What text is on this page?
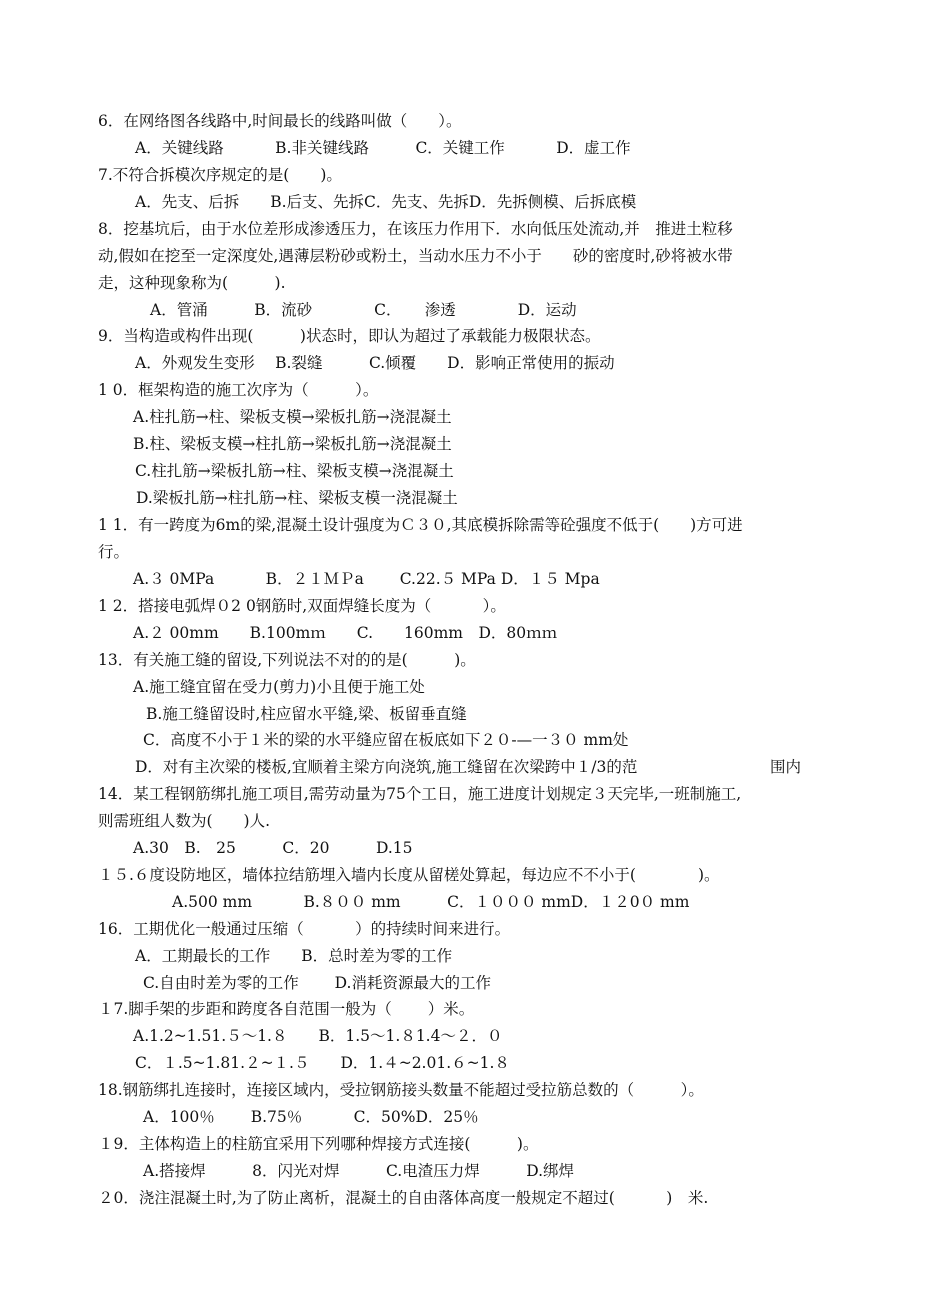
6．在网络图各线路中,时间最长的线路叫做（　　）。
A．关键线路　　　 B.非关键线路　　　C．关键工作　　　 D．虚工作
7.不符合拆模次序规定的是(　　)。
A．先支、后拆　　B.后支、先拆C．先支、先拆D．先拆侧模、后拆底模
8．挖基坑后，由于水位差形成渗透压力，在该压力作用下．水向低压处流动,并　推进土粒移
动,假如在挖至一定深度处,遇薄层粉砂或粉土，当动水压力不小于　　砂的密度时,砂将被水带
走，这种现象称为(　　　).
A．管涌　　　B．流砂　　　　C．　　渗透　　　　D．运动
9．当构造或构件出现(　　　)状态时，即认为超过了承载能力极限状态。
A．外观发生变形　 B.裂缝　　　C.倾覆　　D．影响正常使用的振动
1 0．框架构造的施工次序为（　　　）。
A.柱扎筋→柱、梁板支模→梁板扎筋→浇混凝土
B.柱、梁板支模→柱扎筋→梁板扎筋→浇混凝土
C.柱扎筋→梁板扎筋→柱、梁板支模→浇混凝土
D.梁板扎筋→柱扎筋→柱、梁板支模一浇混凝土
1 1．有一跨度为6m的梁,混凝土设计强度为Ｃ３０,其底模拆除需等砼强度不低于(　　)方可进
行。
A.３ 0MPa　　　 B．２１ＭＰa　　 C.22.５ MPa D．１５ Mpa
1 2．搭接电弧焊０2 0钢筋时,双面焊缝长度为（　　　 ）。
A.２ 00mm　　B.100mｍ　　C.　　160mm　D．80ｍｍ
13．有关施工缝的留设,下列说法不对的的是(　　　)。
A.施工缝宜留在受力(剪力)小且便于施工处
B.施工缝留设时,柱应留水平缝,梁、板留垂直缝
C．高度不小于１米的梁的水平缝应留在板底如下２０-—一３０ mm处
D．对有主次梁的楼板,宜顺着主梁方向浇筑,施工缝留在次梁跨中１/3的范	围内
14．某工程钢筋绑扎施工项目,需劳动量为75个工日，施工进度计划规定３天完毕,一班制施工,
则需班组人数为(　　)人.
A.30　B.　25　　　C．20　　　D.15
１５.６度设防地区，墙体拉结筋埋入墙内长度从留槎处算起，每边应不不小于(　　　　)。
A.500 mm　　　 B.８００ mm　　　C．１０００ mmD．１２0０ mm
16．工期优化一般通过压缩（　　　 ）的持续时间来进行。
A．工期最长的工作　　B．总时差为零的工作
C.自由时差为零的工作　　 D.消耗资源最大的工作
１7.脚手架的步距和跨度各自范围一般为（　　 ）米。
A.1.2~1.51.５～1.８　　B．1.5～1.８1.4～２．０
C．１.5~1.81.２~１.５　　D．1.４~2.01.６~1.８
18.钢筋绑扎连接时，连接区域内，受拉钢筋接头数量不能超过受拉筋总数的（　　　）。
A．100％　　 B.75％　　　 C．50%D．25％
１9．主体构造上的柱筋宜采用下列哪种焊接方式连接(　　　)。
A.搭接焊　　　8．闪光对焊　　　C.电渣压力焊　　　D.绑焊
２0．浇注混凝土时,为了防止离析，混凝土的自由落体高度一般规定不超过(　　　 )　米.
